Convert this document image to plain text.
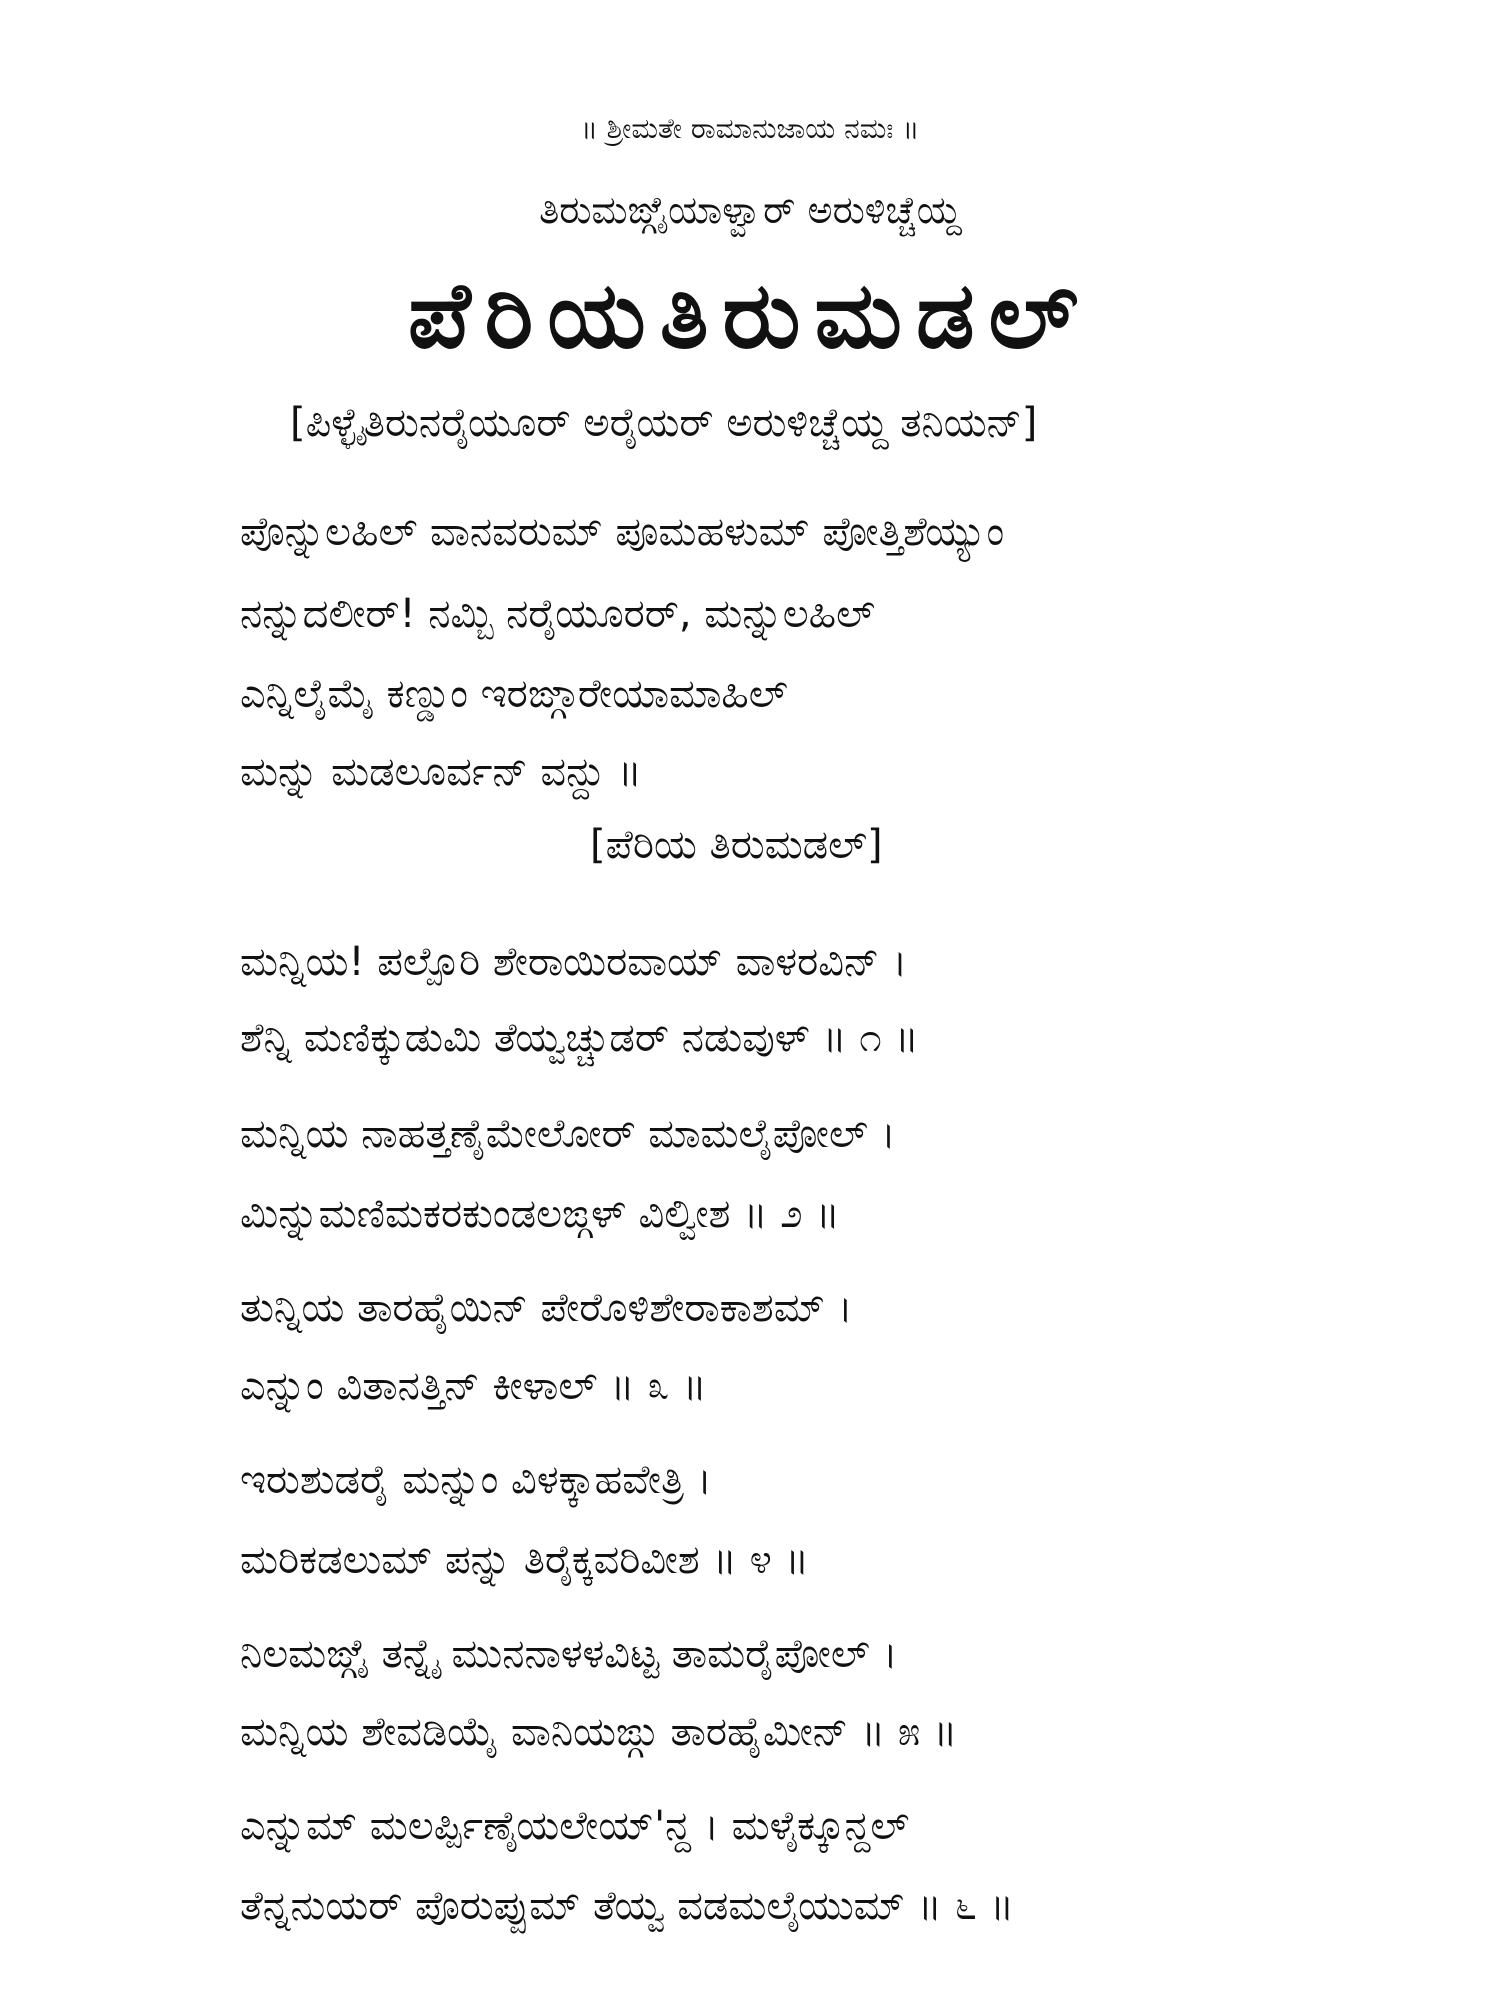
॥ ಶ್ರೀಮತೇ ರಾಮಾನುಜಾಯ ನಮಃ ॥
ತಿರುಮಙ್ಗೈಯಾಳ್ವಾರ್ ಅರುಳಿಚ್ಚೆಯ್ದ
ಪೆರಿಯತಿರುಮಡಲ್
[ಪಿಳ್ಳೈತಿರುನರೈಯೂರ್ ಅರೈಯರ್ ಅರುಳಿಚ್ಚೆಯ್ದ ತನಿಯನ್]
ಪೊನ್ನುಲಹಿಲ್ ವಾನವರುಮ್ ಪೂಮಹಳುಮ್ ಪೋತ್ತಿಶೆಯ್ಯುಂ
ನನ್ನುದಲೀರ್! ನಮ್ಬಿ ನರೈಯೂರರ್, ಮನ್ನುಲಹಿಲ್
ಎನ್ನಿಲೈಮೈ ಕಣ್ಡುಂ ಇರಙ್ಗಾರೇಯಾಮಾಹಿಲ್
ಮನ್ನು ಮಡಲೂರ್ವನ್ ವನ್ದು ॥
[ಪೆರಿಯ ತಿರುಮಡಲ್]
ಮನ್ನಿಯ! ಪಲ್ಪೊರಿ ಶೇರಾಯಿರವಾಯ್ ವಾಳರವಿನ್ ।
ಶೆನ್ನಿ ಮಣಿಕ್ಕುಡುಮಿ ತೆಯ್ವಚ್ಚುಡರ್ ನಡುವುಳ್ ॥ ೧ ॥
ಮನ್ನಿಯ ನಾಹತ್ತಣೈಮೇಲೋರ್ ಮಾಮಲೈಪೋಲ್ ।
ಮಿನ್ನುಮಣಿಮಕರಕುಂಡಲಙ್ಗಳ್ ವಿಲ್ವೀಶ ॥ ೨ ॥
ತುನ್ನಿಯ ತಾರಹೈಯಿನ್ ಪೇರೊಳಿಶೇರಾಕಾಶಮ್ ।
ಎನ್ನುಂ ವಿತಾನತ್ತಿನ್ ಕೀಳಾಲ್ ॥ ೩ ॥
ಇರುಶುಡರೈ ಮನ್ನುಂ ವಿಳಕ್ಕಾಹವೇತ್ರಿ ।
ಮರಿಕಡಲುಮ್ ಪನ್ನು ತಿರೈಕ್ಕವರಿವೀಶ ॥ ೪ ॥
ನಿಲಮಙ್ಗೈ ತನ್ನೈ ಮುನನಾಳಳವಿಟ್ಟ ತಾಮರೈಪೋಲ್ ।
ಮನ್ನಿಯ ಶೇವಡಿಯೈ ವಾನಿಯಙ್ಗು ತಾರಹೈಮೀನ್ ॥ ೫ ॥
ಎನ್ನುಮ್ ಮಲರ್ಪ್ಪಿಣೈಯಲೇಯ್'ನ್ದ । ಮಳೈಕ್ಕೂನ್ದಲ್
ತೆನ್ನನುಯರ್ ಪೊರುಪ್ಪುಮ್ ತೆಯ್ವ ವಡಮಲೈಯುಮ್ ॥ ೬ ॥
